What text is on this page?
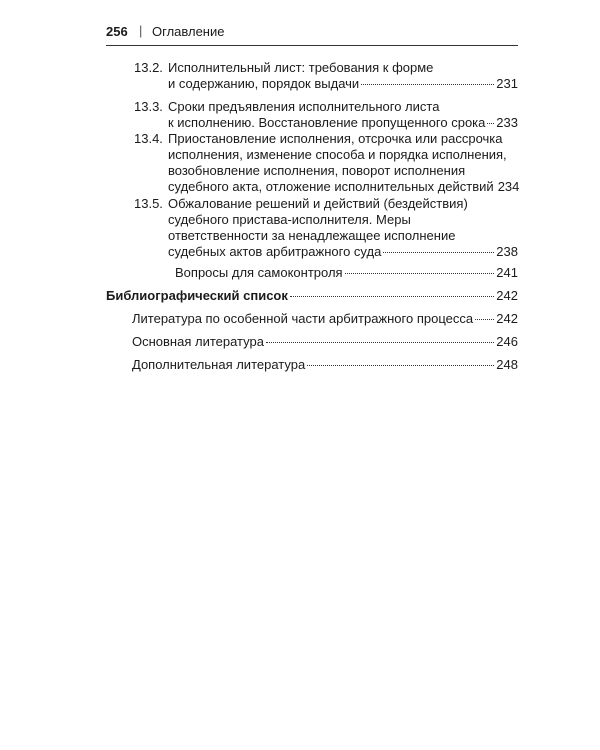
256 | Оглавление
13.2. Исполнительный лист: требования к форме
и содержанию, порядок выдачи	231
13.3. Сроки предъявления исполнительного листа
к исполнению. Восстановление пропущенного срока 233
13.4. Приостановление исполнения, отсрочка или рассрочка
исполнения, изменение способа и порядка исполнения,
возобновление исполнения, поворот исполнения
судебного акта, отложение исполнительных действий 234
13.5. Обжалование решений и действий (бездействия)
судебного пристава-исполнителя. Меры
ответственности за ненадлежащее исполнение
судебных актов арбитражного суда	238
Вопросы для самоконтроля	241
Библиографический список	242
Литература по особенной части арбитражного процесса 242
Основная литература	246
Дополнительная литература	248
